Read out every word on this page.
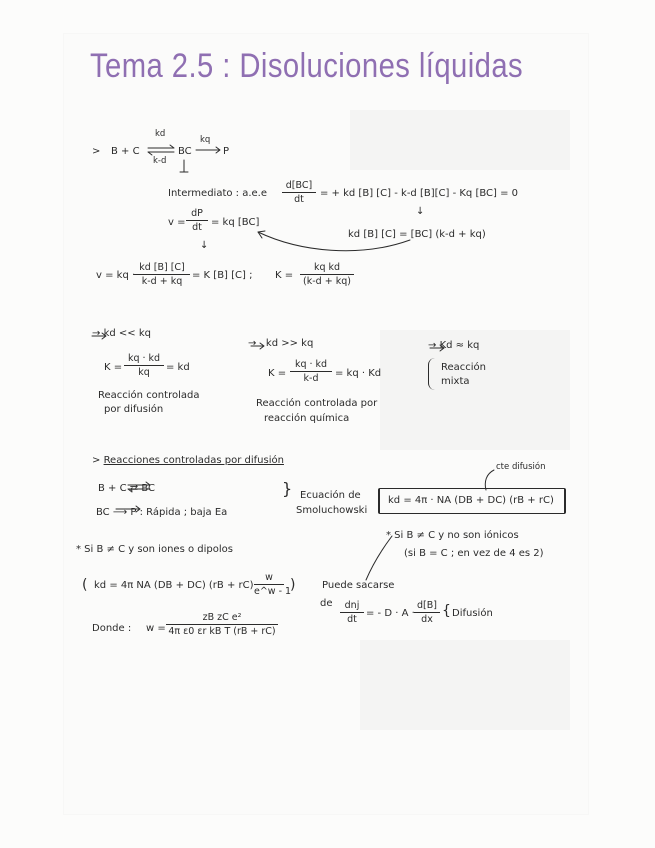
Tema 2.5 : Disoluciones líquidas
> B + C
kd
k-d
BC
kq
P
Intermediato : $a.e.e \frac{d[BC]}{dt}$ = + kd [B] [C] - k-d [B][C] - Kq [BC] = 0
↓
kd [B] [C] = [BC] (k-d + kq)
$v = \frac{dP}{dt}$ = kq [BC]
↓
v = kq ·
$\frac{kd [B] [C]}{k-d + kq} = K$ [B] [C] ; $K = \frac{\text{kq kd}}{(k-d + kq)}$
→ kd << kq
$K = \frac{kq \cdot kd}{kq}$ = kd
Reacción controlada
por difusión
→   kd >> kq
$K = \frac{kq \cdot kd}{k-d}$ = kq · Kd
Reacción controlada por
reacción química
→ Kd ≈ kq
Reacción
mixta
> Reacciones controladas por difusión
B + C ⇄ BC
BC ⟶ P : Rápida ; baja Ea
} Ecuación de
Smoluchowski
cte difusión
kd = 4π · NA (DB + DC) (rB + rC)
* Si B ≠ C y no son iónicos
(si B = C ; en vez de 4 es 2)
* Si B ≠ C y son iones o dipolos
( kd = 4π NA (DB + DC) $(rB + rC) \frac{w}{e\^{}w - 1}$ )
Donde : $w = \frac{\text{zB zC e²}}{\text{4π ε0 εr kB T (rB + rC)}}$
Puede sacarse
de	dnj
dt
= - $D \cdot A \cdot \frac{d[B]}{dx}$ { Difusión
